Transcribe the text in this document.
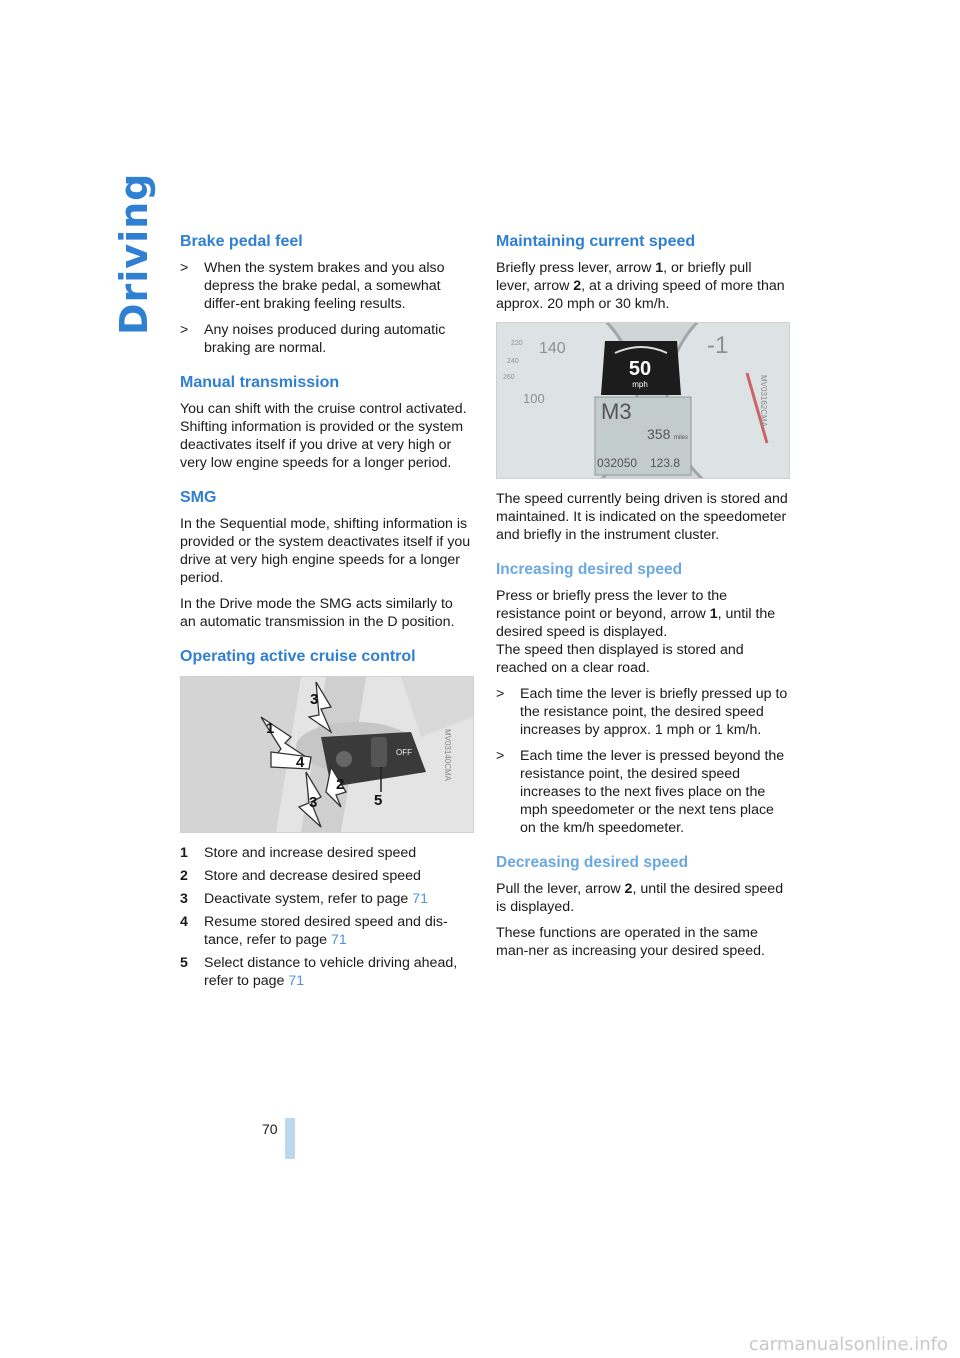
Driving Brake pedal feel
> When the system brakes and you also depress the brake pedal, a somewhat differ-ent braking feeling results.
> Any noises produced during automatic braking are normal.
Manual transmission

You can shift with the cruise control activated. Shifting information is provided or the system deactivates itself if you drive at very high or very low engine speeds for a longer period.

SMG

In the Sequential mode, shifting information is provided or the system deactivates itself if you drive at very high engine speeds for a longer period.

In the Drive mode the SMG acts similarly to an automatic transmission in the D position.

Operating active cruise control
3
1
4
3
2
5
OFF	MV03140CMA
1 Store and increase desired speed
2 Store and decrease desired speed
3 Deactivate system, refer to page 71
4 Resume stored desired speed and dis-tance, refer to page 71
5 Select distance to vehicle driving ahead, refer to page 71
Maintaining current speed

Briefly press lever, arrow 1, or briefly pull lever, arrow 2, at a driving speed of more than approx. 20 mph or 30 km/h.

50
mph
M3
358 miles
032050 123.8
140
100
220
240
260
-1
MV03162CMA

The speed currently being driven is stored and maintained. It is indicated on the speedometer and briefly in the instrument cluster.

Increasing desired speed

Press or briefly press the lever to the resistance point or beyond, arrow 1, until the desired speed is displayed.

The speed then displayed is stored and reached on a clear road.

> Each time the lever is briefly pressed up to the resistance point, the desired speed increases by approx. 1 mph or 1 km/h.
> Each time the lever is pressed beyond the resistance point, the desired speed increases to the next fives place on the mph speedometer or the next tens place on the km/h speedometer.
Decreasing desired speed

Pull the lever, arrow 2, until the desired speed is displayed.

These functions are operated in the same man-ner as increasing your desired speed.

70
carmanualsonline.info
